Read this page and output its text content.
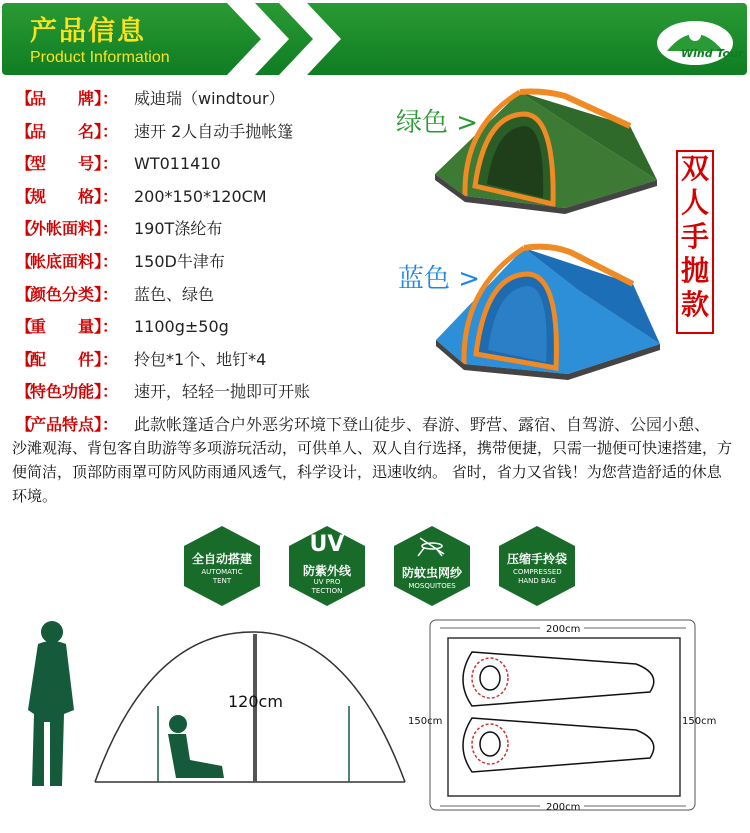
产品信息
Product Information	Wind Tour
【
品　　牌 】： 威迪瑞（windtour）
【
品　　名 】： 速开 2人自动手抛帐篷
【
型　　号 】： WT011410
【
规　　格 】： 200*150*120CM
【
外帐面料 】： 190T涤纶布
【
帐底面料 】： 150D牛津布
【
颜色分类 】： 蓝色、绿色
【
重　　量 】： 1100g±50g
【
配　　件 】： 拎包*1个、地钉*4
【
特色功能 】： 速开，轻轻一抛即可开账
【
产品特点 】： 此款帐篷适合户外恶劣环境下登山徒步、春游、野营、露宿、自驾游、公园小憩、
绿色 >
蓝色 >
双
人
手
抛
款
沙滩观海、背包客自助游等多项游玩活动，可供单人、双人自行选择，携带便捷，只需一抛便可快速搭建，方便简洁，顶部防雨罩可防风防雨通风透气，科学设计，迅速收纳。 省时，省力又省钱！为您营造舒适的休息环境。
全自动搭建
AUTOMATIC TENT
UV
防紫外线
UV PRO TECTION
防蚊虫网纱
MOSQUITOES
压缩手拎袋
COMPRESSED HAND BAG
120cm
200cm
150cm	150cm
200cm
